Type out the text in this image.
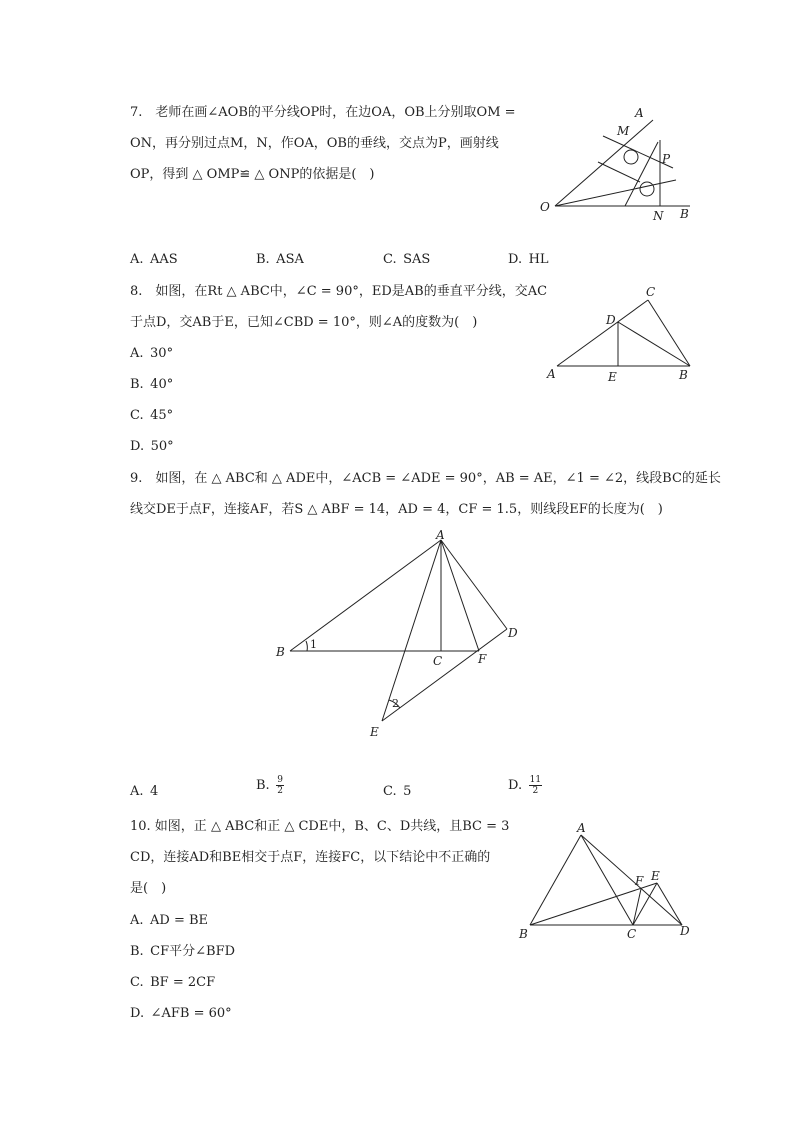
7.　老师在画∠AOB的平分线OP时，在边OA，OB上分别取OM =
ON，再分别过点M，N，作OA，OB的垂线，交点为P，画射线
OP，得到 △ OMP≌ △ ONP的依据是(　)
A
M
P
O
N B
A. AAS	B. ASA	C. SAS	D. HL
8.　如图，在Rt △ ABC中，∠C = 90°，ED是AB的垂直平分线，交AC
于点D，交AB于E，已知∠CBD = 10°，则∠A的度数为(　)
C
D
A	E	B
A. 30°
B. 40°
C. 45°
D. 50°
9.　如图，在 △ ABC和 △ ADE中，∠ACB = ∠ADE = 90°，AB = AE，∠1 = ∠2，线段BC的延长
线交DE于点F，连接AF，若S △ ABF = 14，AD = 4，CF = 1.5，则线段EF的长度为(　)
A
B
C	F
D
E
1
2
A. 4	B.  $\frac{9}{2}$	C. 5	D.  $\frac{11}{2}$
10. 如图，正 △ ABC和正 △ CDE中，B、C、D共线，且BC = 3
CD，连接AD和BE相交于点F，连接FC，以下结论中不正确的
是(　)
A
F E
B	C	D
A. AD = BE
B. CF平分∠BFD
C. BF = 2CF
D. ∠AFB = 60°
